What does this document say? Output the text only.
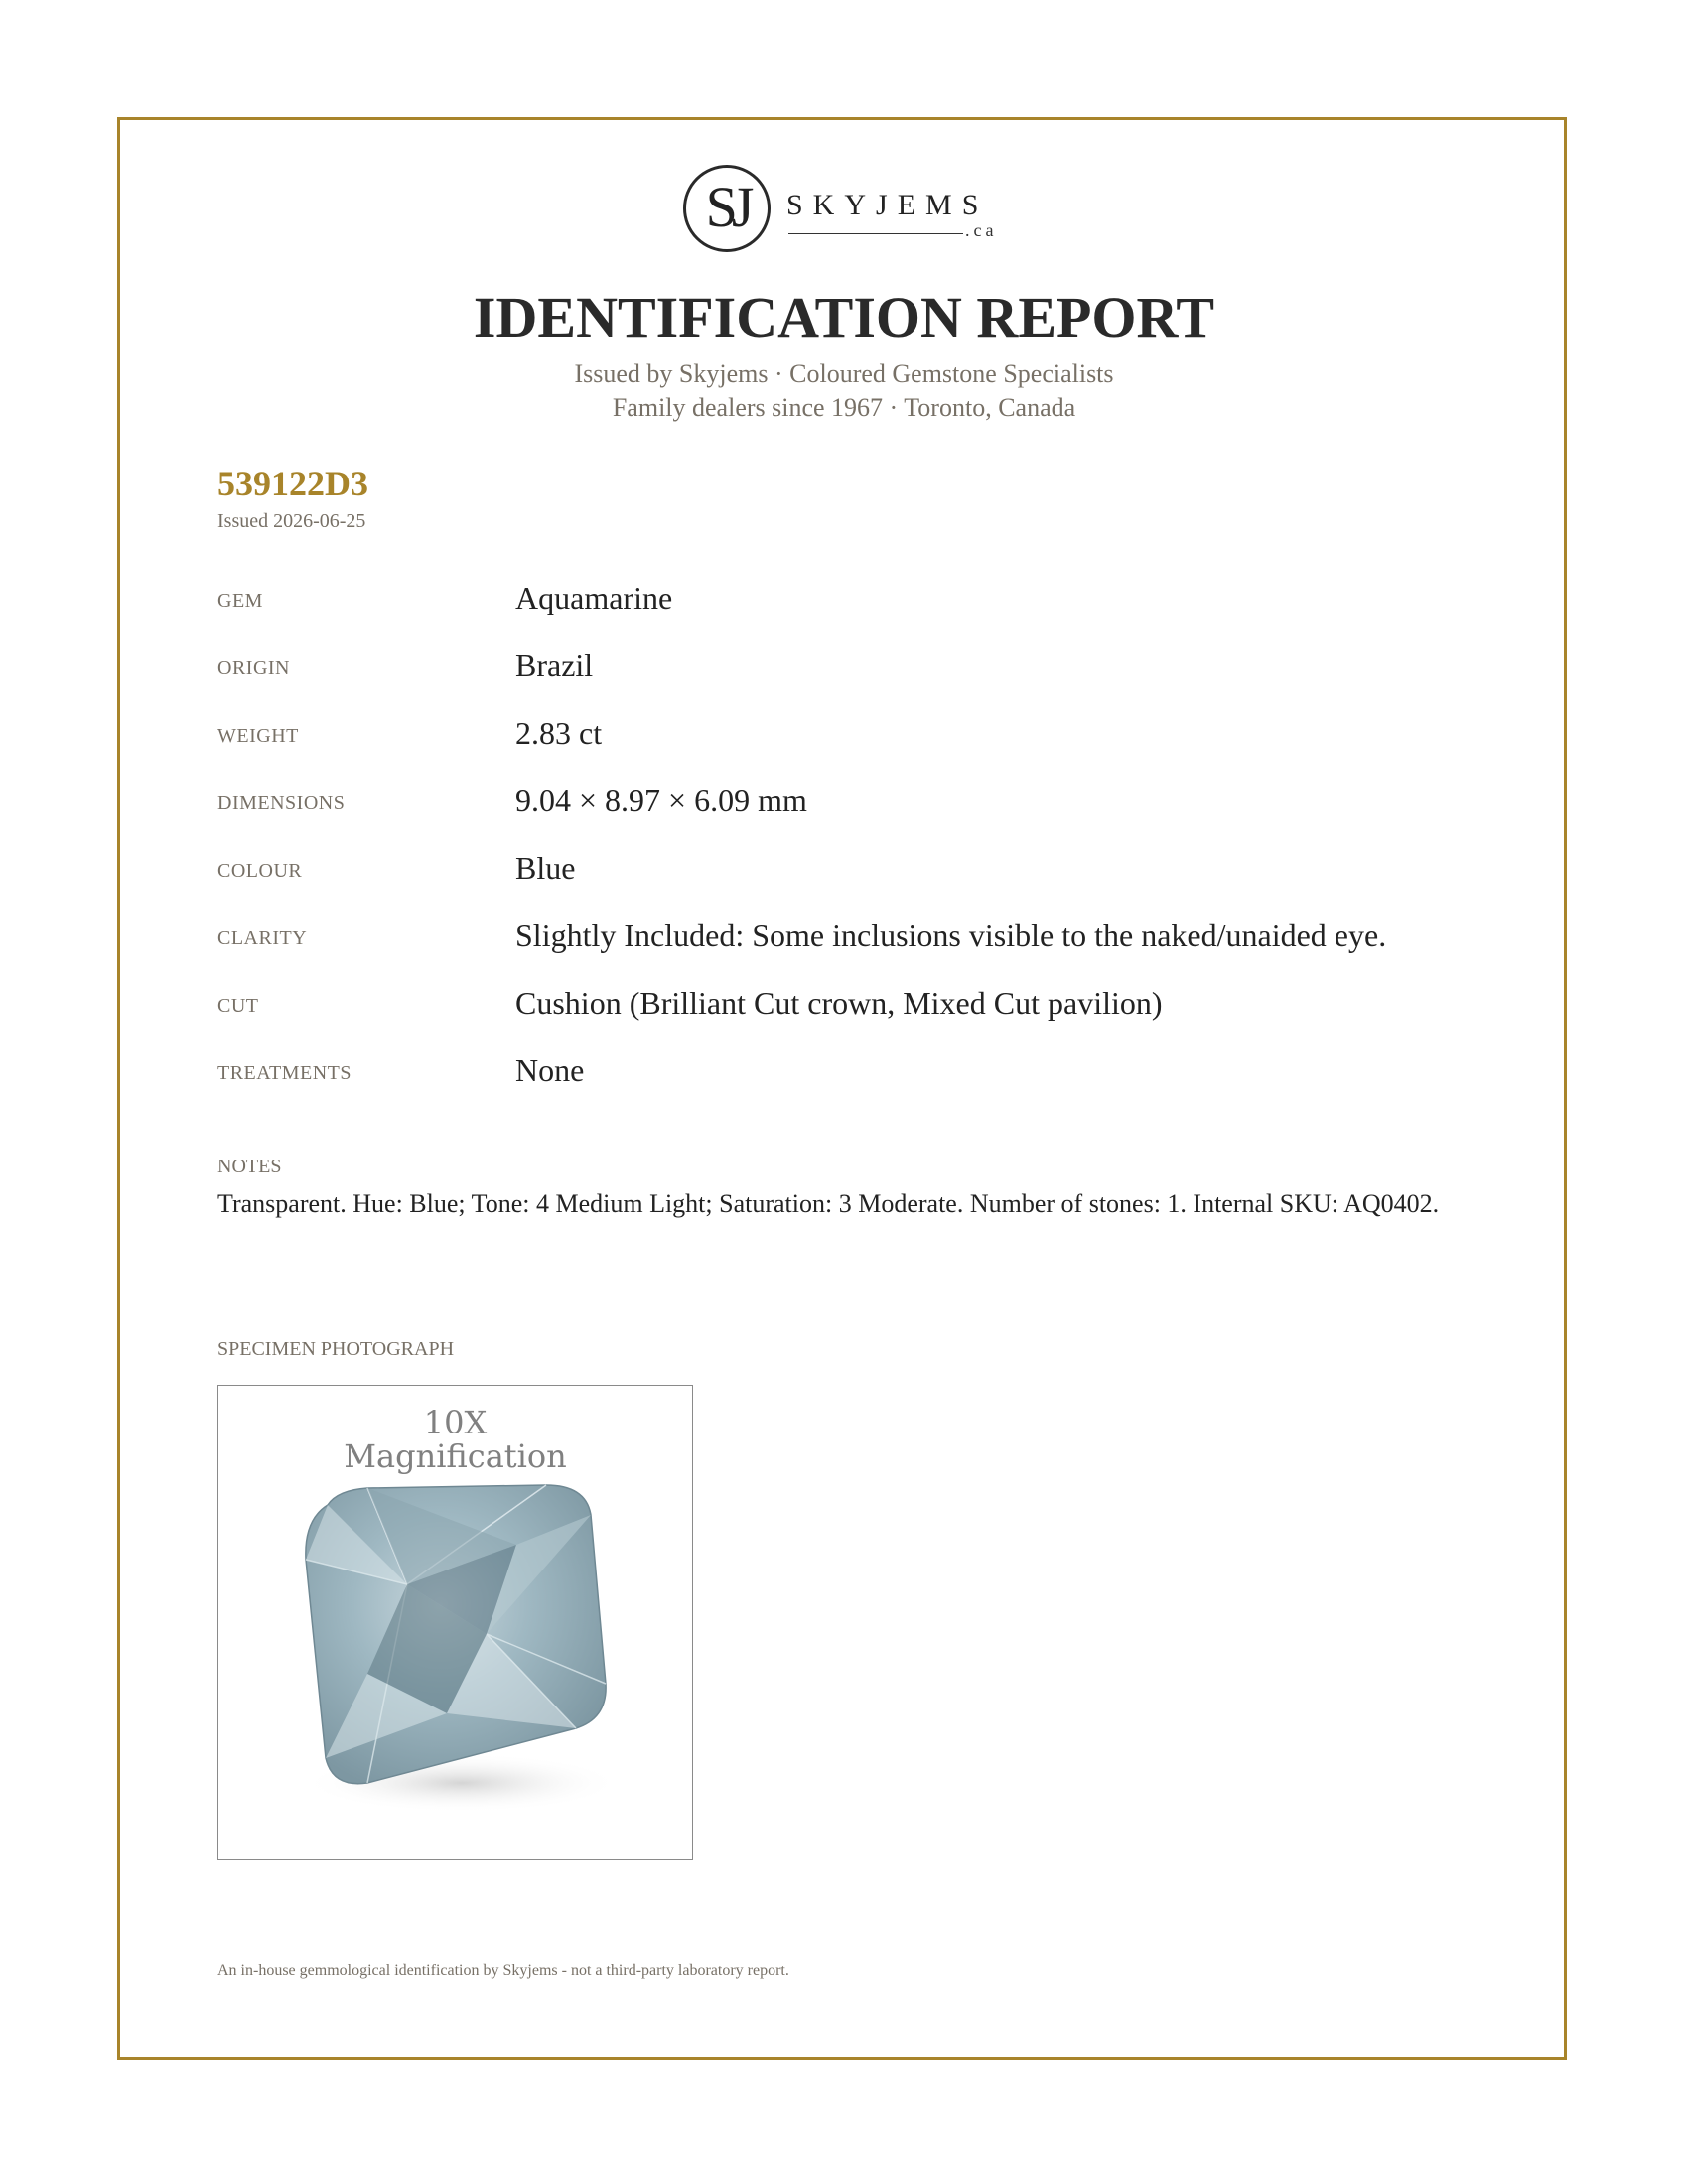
SJ	SKYJEMS
.ca
IDENTIFICATION REPORT
Issued by Skyjems · Coloured Gemstone Specialists
Family dealers since 1967 · Toronto, Canada
539122D3
Issued 2026-06-25
GEM	Aquamarine
ORIGIN	Brazil
WEIGHT	2.83 ct
DIMENSIONS	9.04 × 8.97 × 6.09 mm
COLOUR	Blue
CLARITY	Slightly Included: Some inclusions visible to the naked/unaided eye.
CUT	Cushion (Brilliant Cut crown, Mixed Cut pavilion)
TREATMENTS	None
NOTES
Transparent. Hue: Blue; Tone: 4 Medium Light; Saturation: 3 Moderate. Number of stones: 1. Internal SKU: AQ0402.
SPECIMEN PHOTOGRAPH
10X
Magnification
An in-house gemmological identification by Skyjems - not a third-party laboratory report.
